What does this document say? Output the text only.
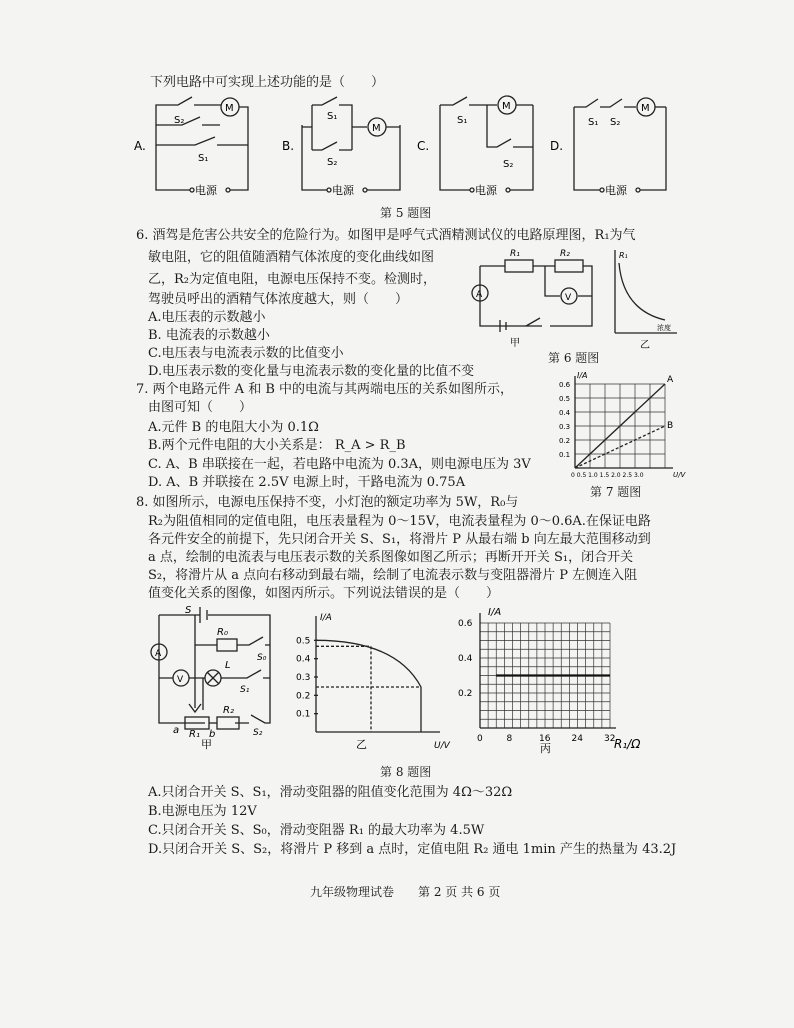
下列电路中可实现上述功能的是（　　）
A.
M
S₂
S₁
电源
B.
M
S₁
S₂
电源
C.
M
S₁
S₂
电源
D.
M
S₁ S₂
电源
第 5 题图
6. 酒驾是危害公共安全的危险行为。如图甲是呼气式酒精测试仪的电路原理图，R₁为气
敏电阻，它的阻值随酒精气体浓度的变化曲线如图
乙，R₂为定值电阻，电源电压保持不变。检测时，
驾驶员呼出的酒精气体浓度越大，则（　　）
A.电压表的示数越小
B. 电流表的示数越小
C.电压表与电流表示数的比值变小
D.电压表示数的变化量与电流表示数的变化量的比值不变
R₁	R₂
A	V
甲
R₁
浓度
乙
第 6 题图
7. 两个电路元件 A 和 B 中的电流与其两端电压的关系如图所示，
由图可知（　　）
A.元件 B 的电阻大小为 0.1Ω
B.两个元件电阻的大小关系是： R_A > R_B
C. A、B 串联接在一起，若电路中电流为 0.3A，则电源电压为 3V
D. A、B 并联接在 2.5V 电源上时，干路电流为 0.75A
A
B
I/A
0.6
0.5
0.4
0.3
0.2
0.1
0 0.5 1.0 1.5 2.0 2.5 3.0	U/V
第 7 题图
8. 如图所示，电源电压保持不变，小灯泡的额定功率为 5W，R₀与
R₂为阻值相同的定值电阻，电压表量程为 0～15V，电流表量程为 0～0.6A.在保证电路
各元件安全的前提下，先只闭合开关 S、S₁，将滑片 P 从最右端 b 向左最大范围移动到
a 点，绘制的电流表与电压表示数的关系图像如图乙所示；再断开开关 S₁，闭合开关
S₂，将滑片从 a 点向右移动到最右端，绘制了电流表示数与变阻器滑片 P 左侧连入阻
值变化关系的图像，如图丙所示。下列说法错误的是（　　）
S
A
R₀
S₀
V
L
S₁
R₂
S₂
a R₁ b
甲
0.5
0.4
0.3
0.2
0.1
I/A
U/V
乙
0.6
0.4
0.2
0	8	16 24 32
I/A
R₁/Ω
丙
第 8 题图
A.只闭合开关 S、S₁，滑动变阻器的阻值变化范围为 4Ω～32Ω
B.电源电压为 12V
C.只闭合开关 S、S₀，滑动变阻器 R₁ 的最大功率为 4.5W
D.只闭合开关 S、S₂，将滑片 P 移到 a 点时，定值电阻 R₂ 通电 1min 产生的热量为 43.2J
九年级物理试卷　　第 2 页 共 6 页
